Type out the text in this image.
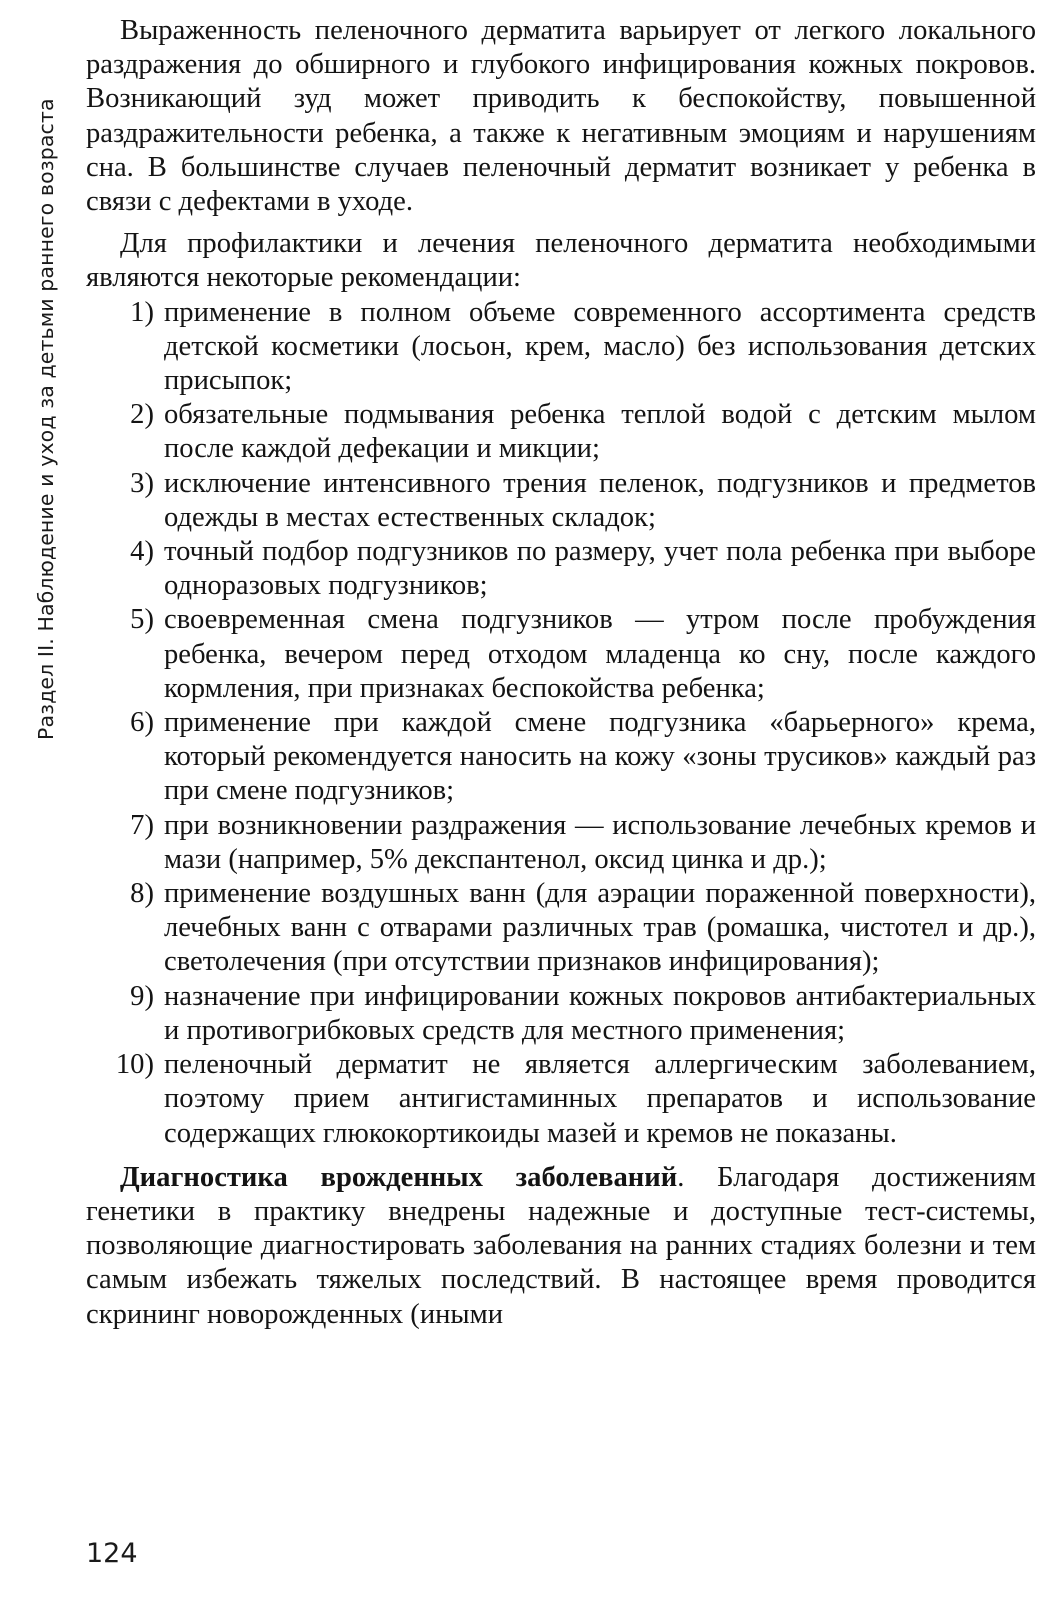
Раздел II. Наблюдение и уход за детьми раннего возраста

Выраженность пеленочного дерматита варьирует от легкого локального раздражения до обширного и глубокого инфицирования кожных покровов. Возникающий зуд может приводить к беспокойству, повышенной раздражительности ребенка, а также к негативным эмоциям и нарушениям сна. В большинстве случаев пеленочный дерматит возникает у ребенка в связи с дефектами в уходе.

Для профилактики и лечения пеленочного дерматита необходимыми являются некоторые рекомендации:

1) применение в полном объеме современного ассортимента средств детской косметики (лосьон, крем, масло) без использования детских присыпок;
2) обязательные подмывания ребенка теплой водой с детским мылом после каждой дефекации и микции;
3) исключение интенсивного трения пеленок, подгузников и предметов одежды в местах естественных складок;
4) точный подбор подгузников по размеру, учет пола ребенка при выборе одноразовых подгузников;
5) своевременная смена подгузников — утром после пробуждения ребенка, вечером перед отходом младенца ко сну, после каждого кормления, при признаках беспокойства ребенка;
6) применение при каждой смене подгузника «барьерного» крема, который рекомендуется наносить на кожу «зоны трусиков» каждый раз при смене подгузников;
7) при возникновении раздражения — использование лечебных кремов и мази (например, 5% декспантенол, оксид цинка и др.);
8) применение воздушных ванн (для аэрации пораженной поверхности), лечебных ванн с отварами различных трав (ромашка, чистотел и др.), светолечения (при отсутствии признаков инфицирования);
9) назначение при инфицировании кожных покровов антибактериальных и противогрибковых средств для местного применения;
10) пеленочный дерматит не является аллергическим заболеванием, поэтому прием антигистаминных препаратов и использование содержащих глюкокортикоиды мазей и кремов не показаны.

Диагностика врожденных заболеваний. Благодаря достижениям генетики в практику внедрены надежные и доступные тест-системы, позволяющие диагностировать заболевания на ранних стадиях болезни и тем самым избежать тяжелых последствий. В настоящее время проводится скрининг новорожденных (иными

124
